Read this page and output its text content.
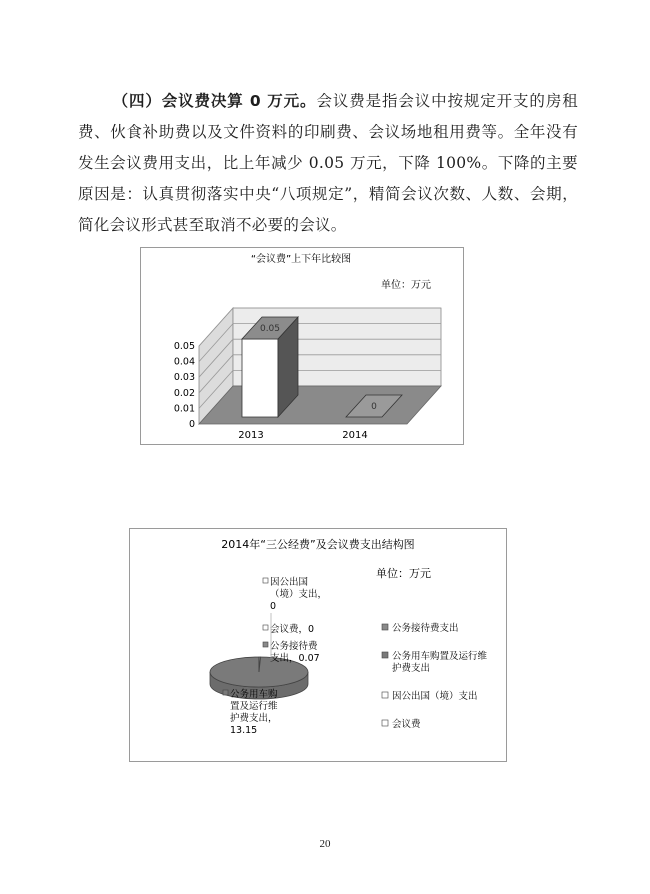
（四）会议费决算 0 万元。会议费是指会议中按规定开支的房租费、伙食补助费以及文件资料的印刷费、会议场地租用费等。全年没有发生会议费用支出，比上年减少 0.05 万元，下降 100%。下降的主要原因是：认真贯彻落实中央“八项规定”，精简会议次数、人数、会期，简化会议形式甚至取消不必要的会议。
0
0.01
0.02
0.03
0.04
0.05
0.05
0
2013	2014
“会议费”上下年比较图
单位：万元
2014年“三公经费”及会议费支出结构图
单位：万元
公务接待费
支出，0.07
公务用车购
置及运行维
护费支出，
13.15
因公出国
（境）支出，
0
会议费，0	公务接待费支出
公务用车购置及运行维
护费支出
因公出国（境）支出
会议费
20
